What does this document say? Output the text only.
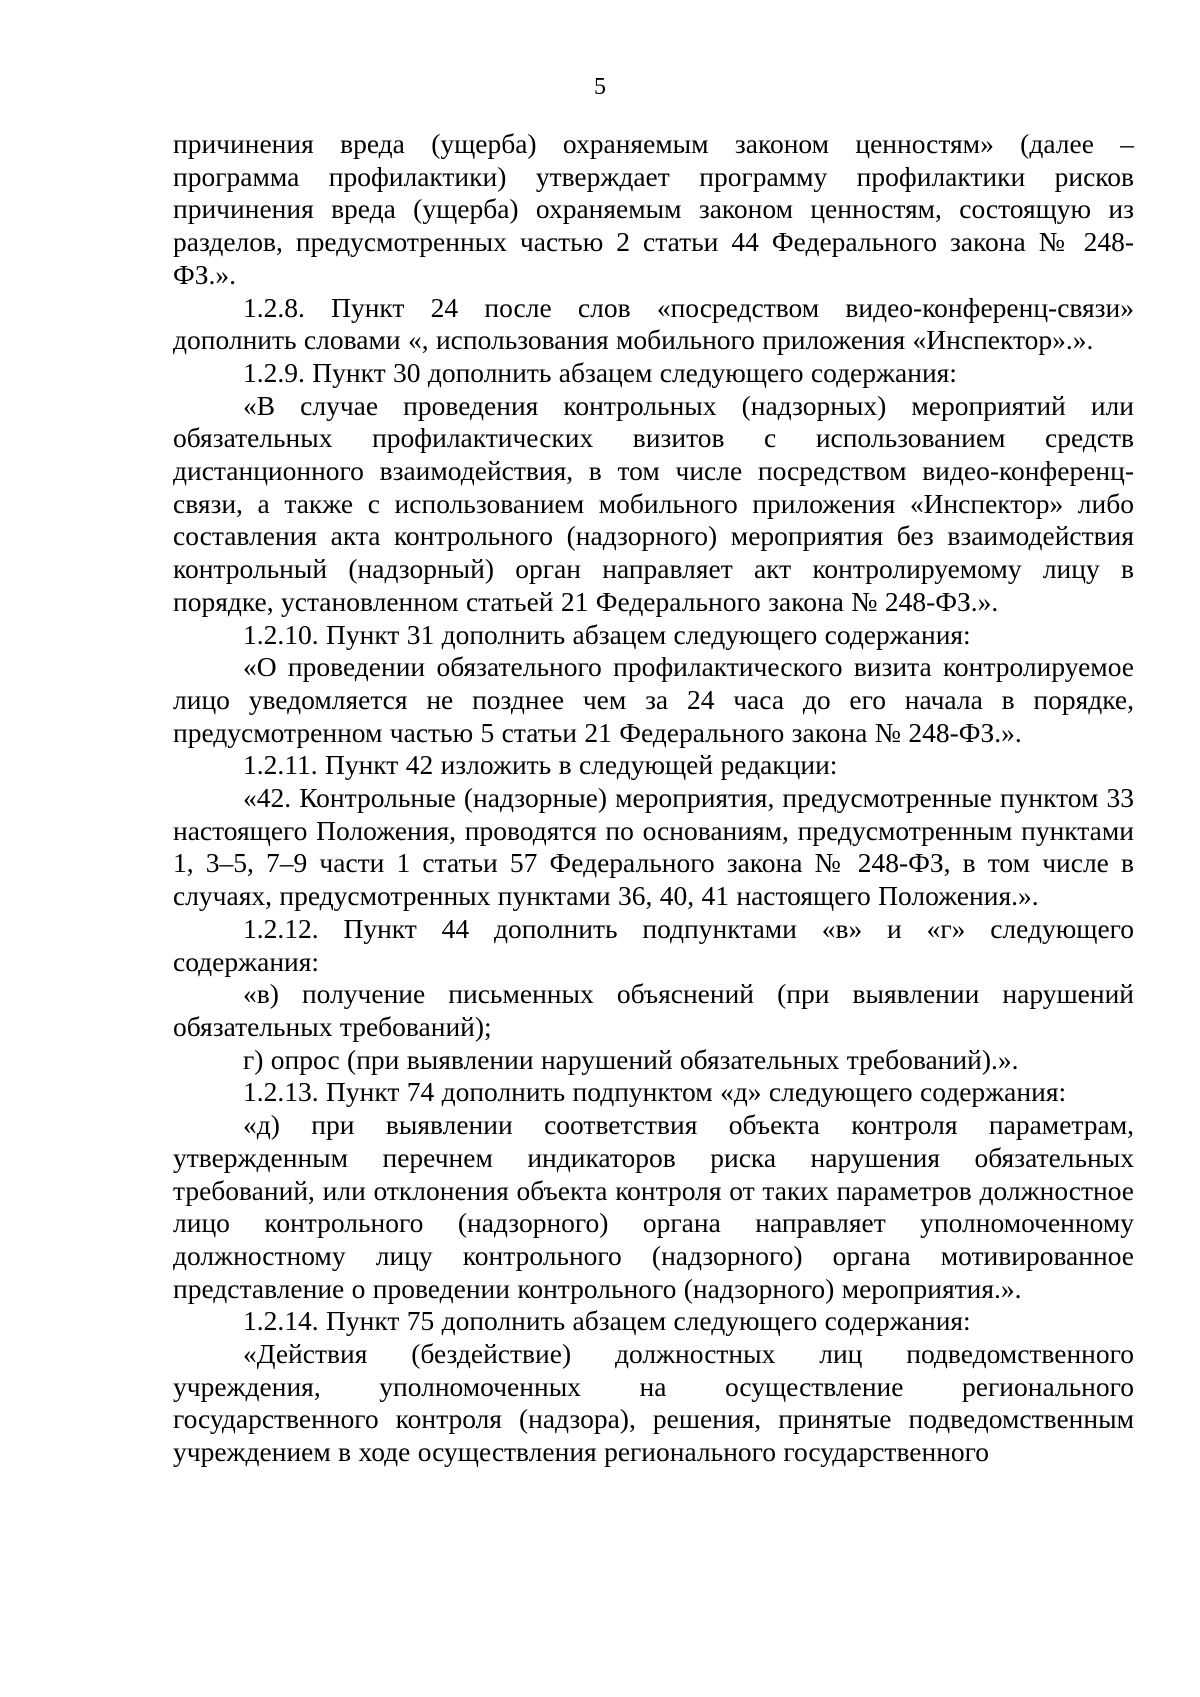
5

причинения вреда (ущерба) охраняемым законом ценностям» (далее – программа профилактики) утверждает программу профилактики рисков причинения вреда (ущерба) охраняемым законом ценностям, состоящую из разделов, предусмотренных частью 2 статьи 44 Федерального закона № 248-ФЗ.».

1.2.8. Пункт 24 после слов «посредством видео-конференц-связи» дополнить словами «, использования мобильного приложения «Инспектор».».

1.2.9. Пункт 30 дополнить абзацем следующего содержания:

«В случае проведения контрольных (надзорных) мероприятий или обязательных профилактических визитов с использованием средств дистанционного взаимодействия, в том числе посредством видео-конференц-связи, а также с использованием мобильного приложения «Инспектор» либо составления акта контрольного (надзорного) мероприятия без взаимодействия контрольный (надзорный) орган направляет акт контролируемому лицу в порядке, установленном статьей 21 Федерального закона № 248-ФЗ.».

1.2.10. Пункт 31 дополнить абзацем следующего содержания:

«О проведении обязательного профилактического визита контролируемое лицо уведомляется не позднее чем за 24 часа до его начала в порядке, предусмотренном частью 5 статьи 21 Федерального закона № 248-ФЗ.».

1.2.11. Пункт 42 изложить в следующей редакции:

«42. Контрольные (надзорные) мероприятия, предусмотренные пунктом 33 настоящего Положения, проводятся по основаниям, предусмотренным пунктами 1, 3–5, 7–9 части 1 статьи 57 Федерального закона № 248-ФЗ, в том числе в случаях, предусмотренных пунктами 36, 40, 41 настоящего Положения.».

1.2.12. Пункт 44 дополнить подпунктами «в» и «г» следующего содержания:

«в) получение письменных объяснений (при выявлении нарушений обязательных требований);

г) опрос (при выявлении нарушений обязательных требований).».

1.2.13. Пункт 74 дополнить подпунктом «д» следующего содержания:

«д) при выявлении соответствия объекта контроля параметрам, утвержденным перечнем индикаторов риска нарушения обязательных требований, или отклонения объекта контроля от таких параметров должностное лицо контрольного (надзорного) органа направляет уполномоченному должностному лицу контрольного (надзорного) органа мотивированное представление о проведении контрольного (надзорного) мероприятия.».

1.2.14. Пункт 75 дополнить абзацем следующего содержания:

«Действия (бездействие) должностных лиц подведомственного учреждения, уполномоченных на осуществление регионального государственного контроля (надзора), решения, принятые подведомственным учреждением в ходе осуществления регионального государственного
